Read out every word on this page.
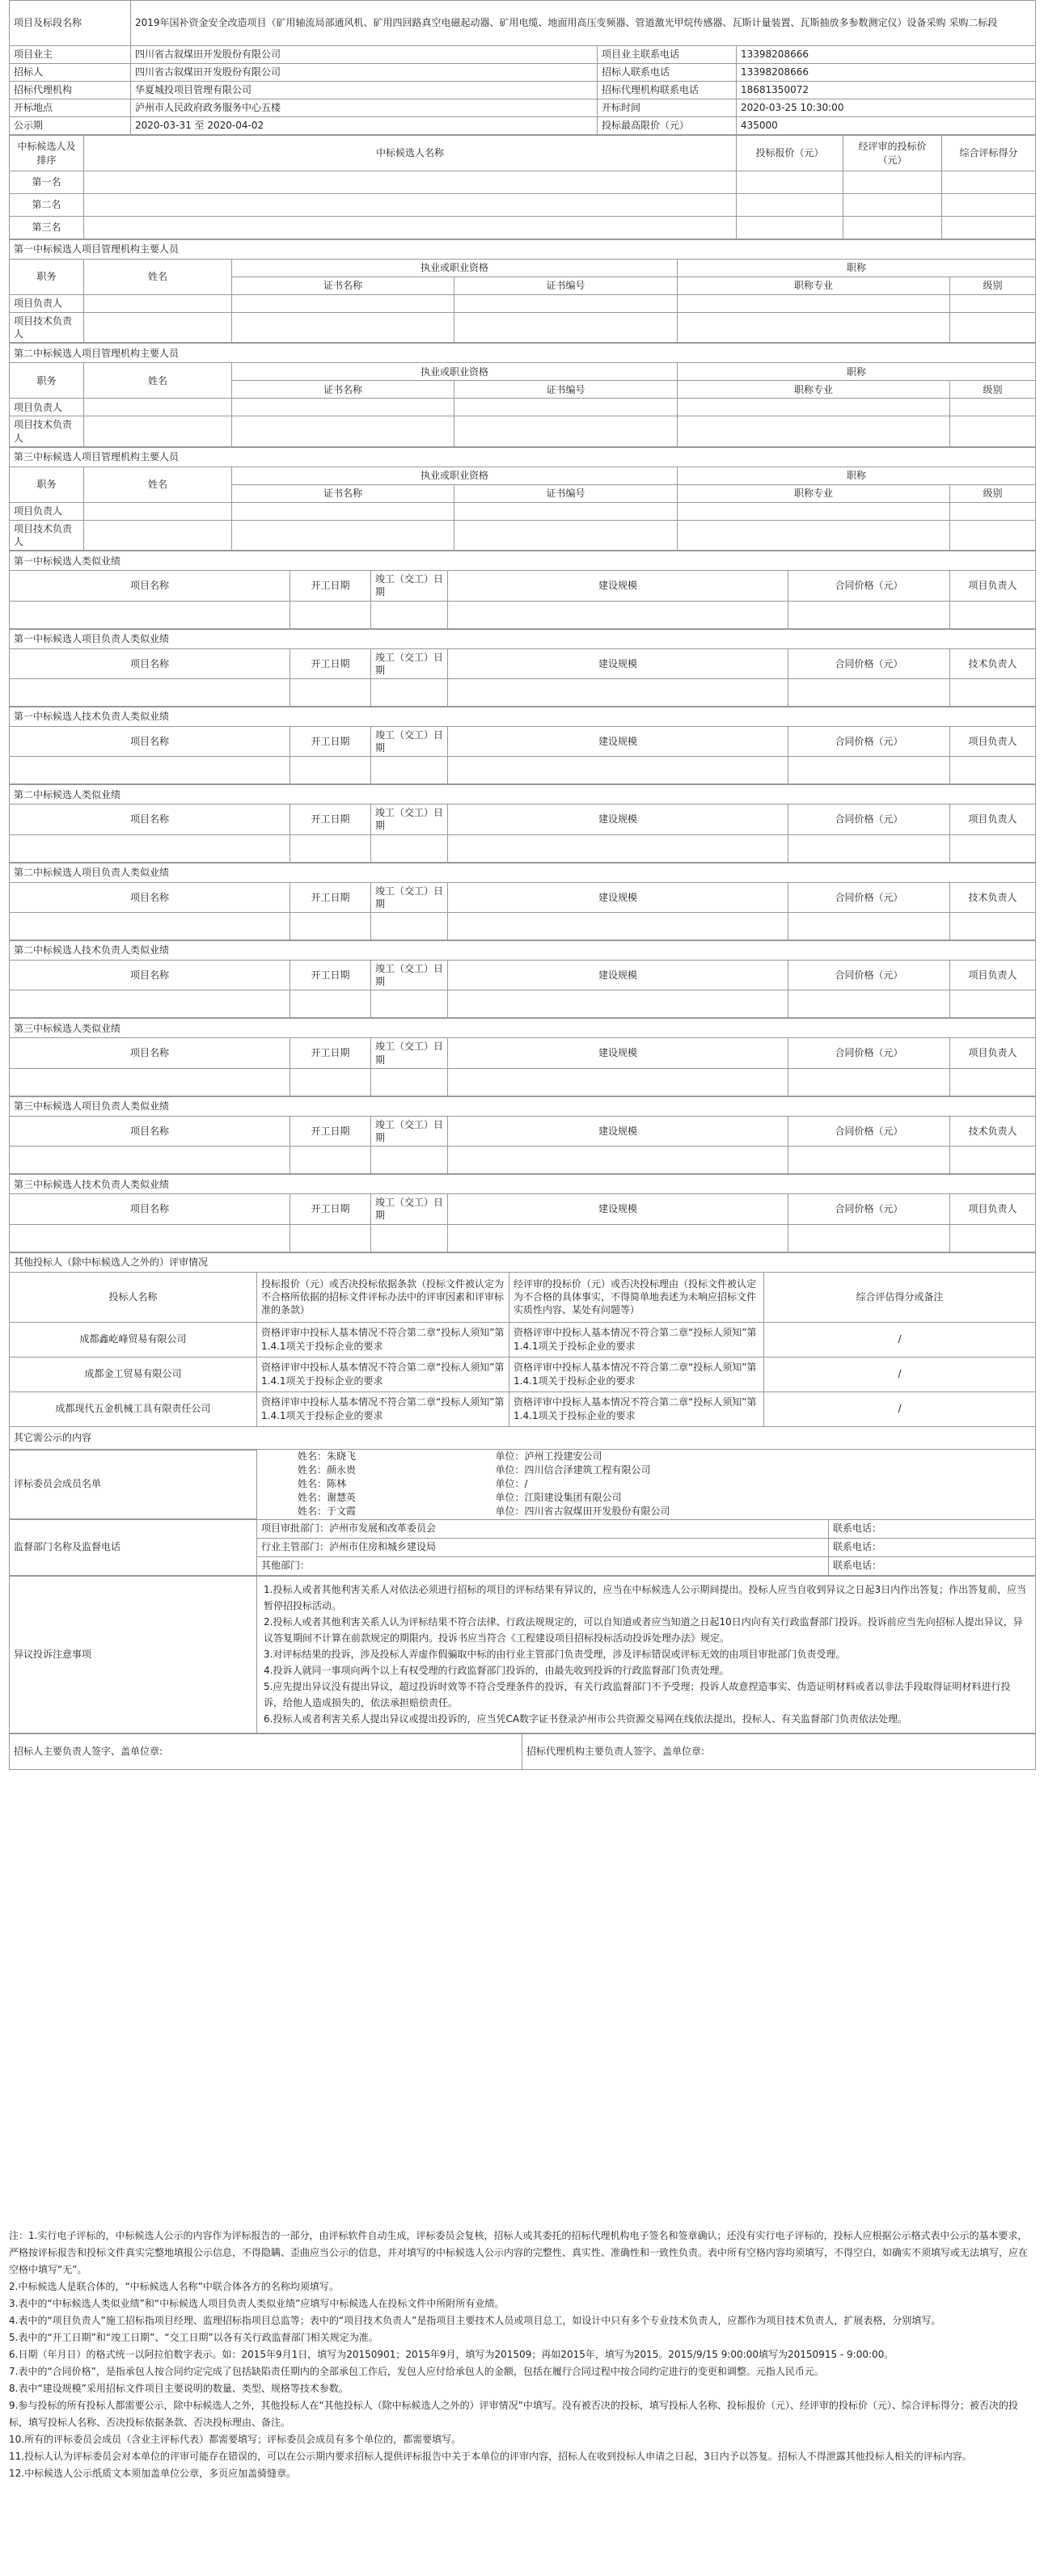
项目及标段名称	2019年国补资金安全改造项目（矿用轴流局部通风机、矿用四回路真空电磁起动器、矿用电缆、地面用高压变频器、管道激光甲烷传感器、瓦斯计量装置、瓦斯抽放多参数测定仪）设备采购 采购二标段		
项目业主	四川省古叙煤田开发股份有限公司	项目业主联系电话	13398208666
招标人	四川省古叙煤田开发股份有限公司	招标人联系电话	13398208666
招标代理机构	华夏城投项目管理有限公司	招标代理机构联系电话	18681350072
开标地点	泸州市人民政府政务服务中心五楼	开标时间	2020-03-25 10:30:00
公示期	2020-03-31 至 2020-04-02	投标最高限价（元）	435000
中标候选人及排序	中标候选人名称	投标报价（元）	经评审的投标价（元）	综合评标得分
第一名				
第二名				
第三名				
第一中标候选人项目管理机构主要人员					
职务	姓名	执业或职业资格		职称	
		证书名称	证书编号	职称专业	级别
项目负责人					
项目技术负责人					
第二中标候选人项目管理机构主要人员					
职务	姓名	执业或职业资格		职称	
		证书名称	证书编号	职称专业	级别
项目负责人					
项目技术负责人					
第三中标候选人项目管理机构主要人员					
职务	姓名	执业或职业资格		职称	
		证书名称	证书编号	职称专业	级别
项目负责人					
项目技术负责人					
第一中标候选人类似业绩					
项目名称	开工日期	竣工（交工）日期	建设规模	合同价格（元）	项目负责人

第一中标候选人项目负责人类似业绩					
项目名称	开工日期	竣工（交工）日期	建设规模	合同价格（元）	技术负责人

第一中标候选人技术负责人类似业绩					
项目名称	开工日期	竣工（交工）日期	建设规模	合同价格（元）	项目负责人

第二中标候选人类似业绩					
项目名称	开工日期	竣工（交工）日期	建设规模	合同价格（元）	项目负责人

第二中标候选人项目负责人类似业绩					
项目名称	开工日期	竣工（交工）日期	建设规模	合同价格（元）	技术负责人

第二中标候选人技术负责人类似业绩					
项目名称	开工日期	竣工（交工）日期	建设规模	合同价格（元）	项目负责人

第三中标候选人类似业绩					
项目名称	开工日期	竣工（交工）日期	建设规模	合同价格（元）	项目负责人

第三中标候选人项目负责人类似业绩					
项目名称	开工日期	竣工（交工）日期	建设规模	合同价格（元）	技术负责人

第三中标候选人技术负责人类似业绩					
项目名称	开工日期	竣工（交工）日期	建设规模	合同价格（元）	项目负责人

其他投标人（除中标候选人之外的）评审情况			
投标人名称	投标报价（元）或否决投标依据条款（投标文件被认定为不合格所依据的招标文件评标办法中的评审因素和评审标准的条款）	经评审的投标价（元）或否决投标理由（投标文件被认定为不合格的具体事实，不得简单地表述为未响应招标文件实质性内容、某处有问题等）	综合评估得分或备注
成都鑫屹峰贸易有限公司	资格评审中投标人基本情况不符合第二章“投标人须知”第1.4.1项关于投标企业的要求	资格评审中投标人基本情况不符合第二章“投标人须知”第1.4.1项关于投标企业的要求	/
成都金工贸易有限公司	资格评审中投标人基本情况不符合第二章“投标人须知”第1.4.1项关于投标企业的要求	资格评审中投标人基本情况不符合第二章“投标人须知”第1.4.1项关于投标企业的要求	/
成都现代五金机械工具有限责任公司	资格评审中投标人基本情况不符合第二章“投标人须知”第1.4.1项关于投标企业的要求	资格评审中投标人基本情况不符合第二章“投标人须知”第1.4.1项关于投标企业的要求	/
其它需公示的内容			
评标委员会成员名单	姓名：朱晓飞	单位：泸州工投建安公司
	姓名：颜永贵	单位：四川信合泽建筑工程有限公司
	姓名：陈林	单位：/
	姓名：谢慧英	单位：江阳建设集团有限公司
	姓名：于文霞	单位：四川省古叙煤田开发股份有限公司
监督部门名称及监督电话	项目审批部门：泸州市发展和改革委员会	联系电话：
	行业主管部门：泸州市住房和城乡建设局	联系电话：
	其他部门：	联系电话：
异议投诉注意事项	
1.投标人或者其他利害关系人对依法必须进行招标的项目的评标结果有异议的，应当在中标候选人公示期间提出。投标人应当自收到异议之日起3日内作出答复；作出答复前，应当暂停招投标活动。
2.投标人或者其他利害关系人认为评标结果不符合法律、行政法规规定的，可以自知道或者应当知道之日起10日内向有关行政监督部门投诉。投诉前应当先向招标人提出异议，异议答复期间不计算在前款规定的期限内。投诉书应当符合《工程建设项目招标投标活动投诉处理办法》规定。
3.对评标结果的投诉，涉及投标人弄虚作假骗取中标的由行业主管部门负责受理，涉及评标错误或评标无效的由项目审批部门负责受理。
4.投诉人就同一事项向两个以上有权受理的行政监督部门投诉的，由最先收到投诉的行政监督部门负责处理。
5.应先提出异议没有提出异议，超过投诉时效等不符合受理条件的投诉，有关行政监督部门不予受理；投诉人故意捏造事实、伪造证明材料或者以非法手段取得证明材料进行投诉，给他人造成损失的，依法承担赔偿责任。
6.投标人或者利害关系人提出异议或提出投诉的，应当凭CA数字证书登录泸州市公共资源交易网在线依法提出，投标人、有关监督部门负责依法处理。
招标人主要负责人签字、盖单位章:	招标代理机构主要负责人签字、盖单位章:

注：1.实行电子评标的，中标候选人公示的内容作为评标报告的一部分，由评标软件自动生成，评标委员会复核，招标人或其委托的招标代理机构电子签名和签章确认；还没有实行电子评标的，投标人应根据公示格式表中公示的基本要求，严格按评标报告和投标文件真实完整地填报公示信息，不得隐瞒、歪曲应当公示的信息，并对填写的中标候选人公示内容的完整性、真实性、准确性和一致性负责。表中所有空格内容均须填写，不得空白，如确实不须填写或无法填写，应在空格中填写“无”。

2.中标候选人是联合体的，“中标候选人名称”中联合体各方的名称均须填写。

3.表中的“中标候选人类似业绩”和“中标候选人项目负责人类似业绩”应填写中标候选人在投标文件中所附所有业绩。

4.表中的“项目负责人”施工招标指项目经理、监理招标指项目总监等；表中的“项目技术负责人”是指项目主要技术人员或项目总工，如设计中只有多个专业技术负责人，应都作为项目技术负责人，扩展表格，分别填写。

5.表中的“开工日期”和“竣工日期”、“交工日期”以各有关行政监督部门相关规定为准。

6.日期（年月日）的格式统一以阿拉伯数字表示。如：2015年9月1日，填写为20150901；2015年9月，填写为201509；再如2015年，填写为2015。2015/9/15 9:00:00填写为20150915 - 9:00:00。

7.表中的“合同价格”，是指承包人按合同约定完成了包括缺陷责任期内的全部承包工作后，发包人应付给承包人的金额，包括在履行合同过程中按合同约定进行的变更和调整。元指人民币元。

8.表中“建设规模”采用招标文件项目主要说明的数量、类型、规格等技术参数。

9.参与投标的所有投标人都需要公示，除中标候选人之外，其他投标人在“其他投标人（除中标候选人之外的）评审情况”中填写。没有被否决的投标，填写投标人名称、投标报价（元）、经评审的投标价（元）、综合评标得分；被否决的投标，填写投标人名称、否决投标依据条款、否决投标理由、备注。

10.所有的评标委员会成员（含业主评标代表）都需要填写；评标委员会成员有多个单位的，都需要填写。

11.投标人认为评标委员会对本单位的评审可能存在错误的，可以在公示期内要求招标人提供评标报告中关于本单位的评审内容，招标人在收到投标人申请之日起，3日内予以答复。招标人不得泄露其他投标人相关的评标内容。

12.中标候选人公示纸质文本须加盖单位公章，多页应加盖骑缝章。
